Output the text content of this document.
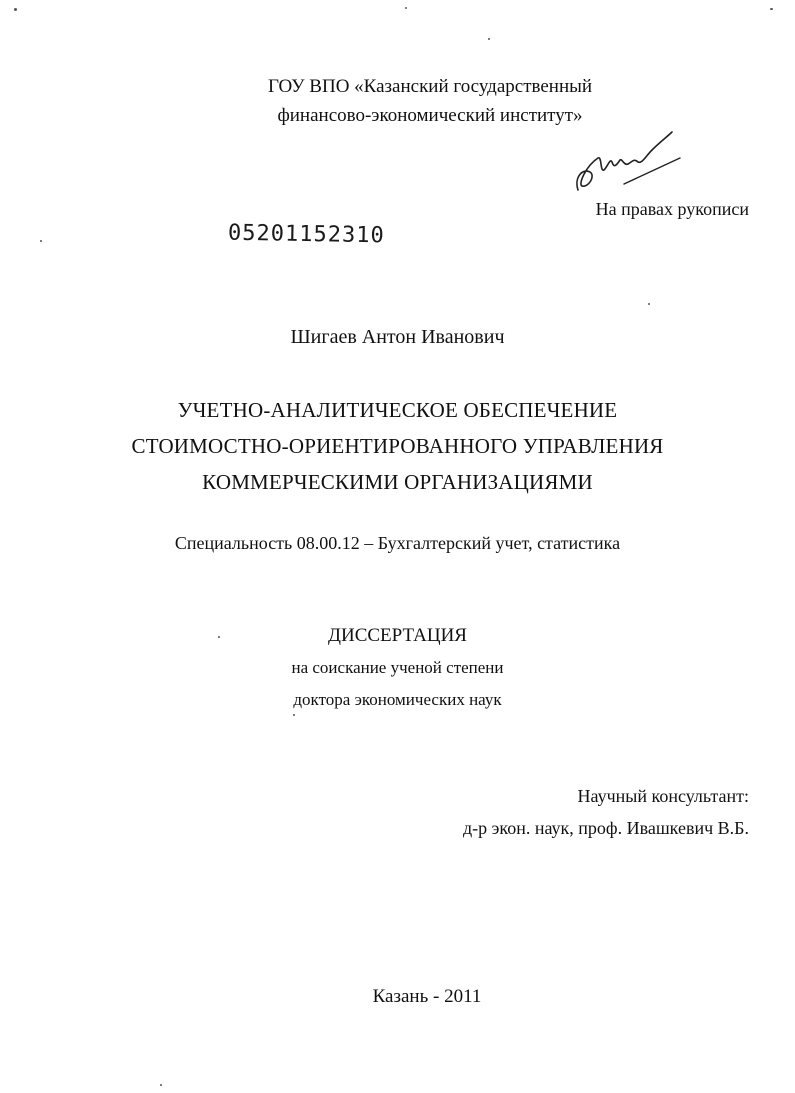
ГОУ ВПО «Казанский государственный
финансово-экономический институт»
На правах рукописи
05201152310
Шигаев Антон Иванович
УЧЕТНО-АНАЛИТИЧЕСКОЕ ОБЕСПЕЧЕНИЕ
СТОИМОСТНО-ОРИЕНТИРОВАННОГО УПРАВЛЕНИЯ
КОММЕРЧЕСКИМИ ОРГАНИЗАЦИЯМИ
Специальность 08.00.12 – Бухгалтерский учет, статистика
ДИССЕРТАЦИЯ
на соискание ученой степени
доктора экономических наук
Научный консультант:
д-р экон. наук, проф. Ивашкевич В.Б.
Казань - 2011
